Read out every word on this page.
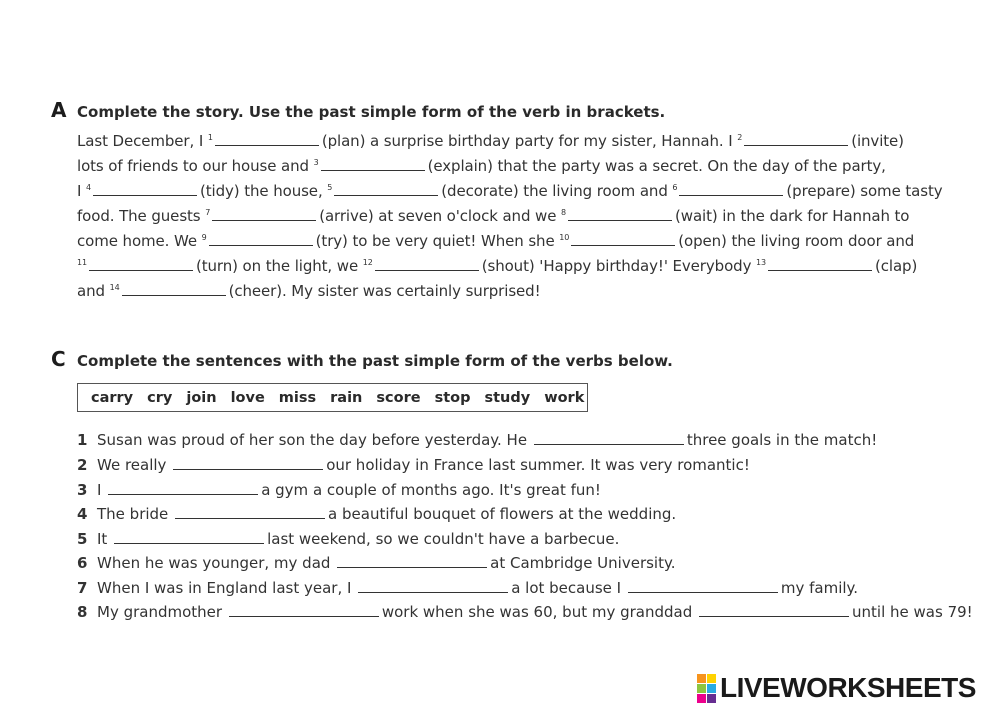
A Complete the story. Use the past simple form of the verb in brackets.
Last December, I $^1$	(plan) a surprise birthday party for my sister, Hannah. I $^2$	(invite)
lots of friends to our house and $^3$	(explain) that the party was a secret. On the day of the party,
I $^4$	(tidy) the house, $^5$	(decorate) the living room and $^6$	(prepare) some tasty
food. The guests $^7$	(arrive) at seven o'clock and we $^8$	(wait) in the dark for Hannah to
come home. We $^9$	(try) to be very quiet! When she $^{10}$	(open) the living room door and
$^{11}$	(turn) on the light, we $^{12}$	(shout) 'Happy birthday!' Everybody $^{13}$	(clap)
and $^{14}$	(cheer). My sister was certainly surprised!
C Complete the sentences with the past simple form of the verbs below.
carry cry join love miss rain score stop study work
1 Susan was proud of her son the day before yesterday. He	three goals in the match!
2 We really	our holiday in France last summer. It was very romantic!
3 I	a gym a couple of months ago. It's great fun!
4 The bride	a beautiful bouquet of flowers at the wedding.
5 It	last weekend, so we couldn't have a barbecue.
6 When he was younger, my dad	at Cambridge University.
7 When I was in England last year, I	a lot because I	my family.
8 My grandmother	work when she was 60, but my granddad	until he was 79!
LIVEWORKSHEETS
